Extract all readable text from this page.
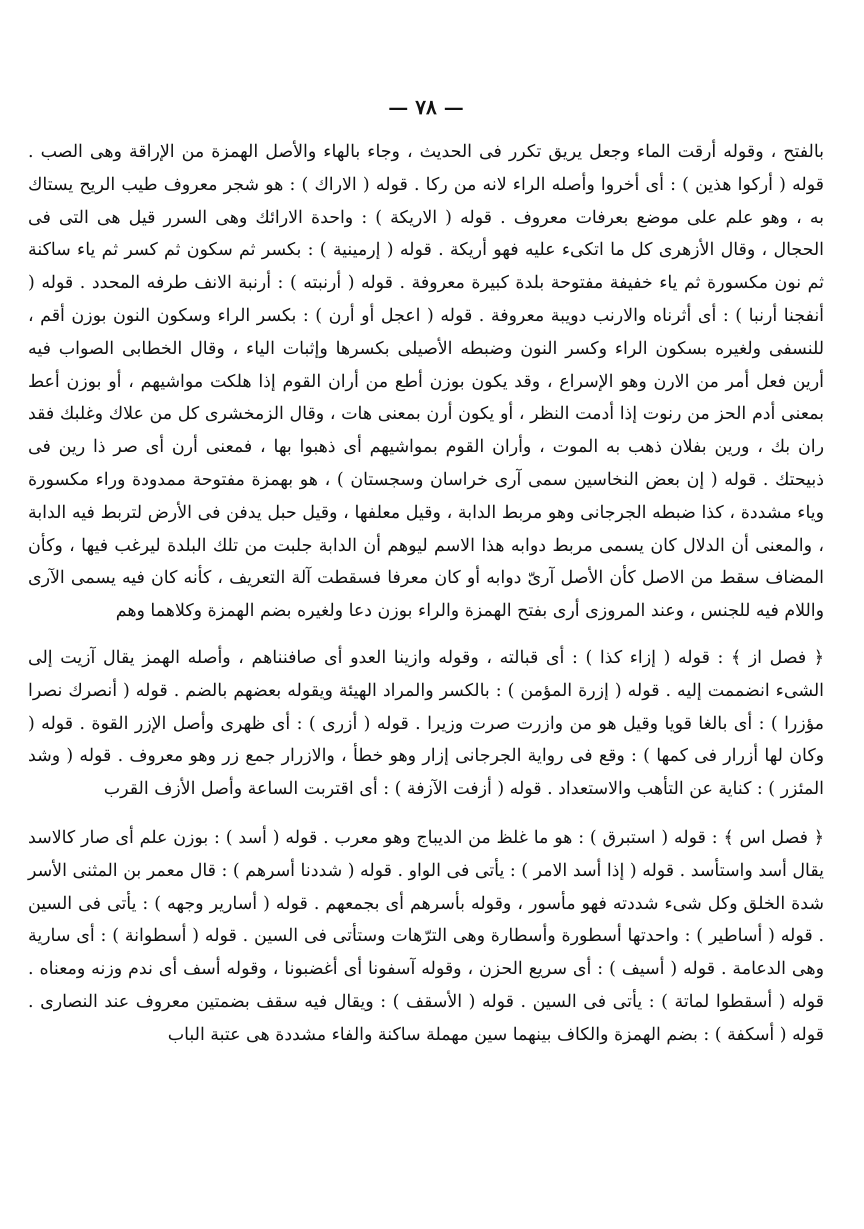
— ٧٨ —

بالفتح ، وقوله أرقت الماء وجعل يريق تكرر فى الحديث ، وجاء بالهاء والأصل الهمزة من الإراقة وهى الصب . قوله ( أركوا هذين ) : أى أخروا وأصله الراء لانه من ركا . قوله ( الاراك ) : هو شجر معروف طيب الريح يستاك به ، وهو علم على موضع بعرفات معروف . قوله ( الاريكة ) : واحدة الارائك وهى السرر قيل هى التى فى الحجال ، وقال الأزهرى كل ما اتكىء عليه فهو أريكة . قوله ( إرمينية ) : بكسر ثم سكون ثم كسر ثم ياء ساكنة ثم نون مكسورة ثم ياء خفيفة مفتوحة بلدة كبيرة معروفة . قوله ( أرنبته ) : أرنبة الانف طرفه المحدد . قوله ( أنفجنا أرنبا ) : أى أثرناه والارنب دويبة معروفة . قوله ( اعجل أو أرن ) : بكسر الراء وسكون النون بوزن أقم ، للنسفى ولغيره بسكون الراء وكسر النون وضبطه الأصيلى بكسرها وإثبات الياء ، وقال الخطابى الصواب فيه أرين فعل أمر من الارن وهو الإسراع ، وقد يكون بوزن أطع من أران القوم إذا هلكت مواشيهم ، أو بوزن أعط بمعنى أدم الحز من رنوت إذا أدمت النظر ، أو يكون أرن بمعنى هات ، وقال الزمخشرى كل من علاك وغلبك فقد ران بك ، ورين بفلان ذهب به الموت ، وأران القوم بمواشيهم أى ذهبوا بها ، فمعنى أرن أى صر ذا رين فى ذبيحتك . قوله ( إن بعض النخاسين سمى آرى خراسان وسجستان ) ، هو بهمزة مفتوحة ممدودة وراء مكسورة وياء مشددة ، كذا ضبطه الجرجانى وهو مربط الدابة ، وقيل معلفها ، وقيل حبل يدفن فى الأرض لتربط فيه الدابة ، والمعنى أن الدلال كان يسمى مربط دوابه هذا الاسم ليوهم أن الدابة جلبت من تلك البلدة ليرغب فيها ، وكأن المضاف سقط من الاصل كأن الأصل آرىّ دوابه أو كان معرفا فسقطت آلة التعريف ، كأنه كان فيه يسمى الآرى واللام فيه للجنس ، وعند المروزى أرى بفتح الهمزة والراء بوزن دعا ولغيره بضم الهمزة وكلاهما وهم

﴿ فصل از ﴾ : قوله ( إزاء كذا ) : أى قبالته ، وقوله وازينا العدو أى صافنناهم ، وأصله الهمز يقال آزيت إلى الشىء انضممت إليه . قوله ( إزرة المؤمن ) : بالكسر والمراد الهيئة ويقوله بعضهم بالضم . قوله ( أنصرك نصرا مؤزرا ) : أى بالغا قويا وقيل هو من وازرت صرت وزيرا . قوله ( أزرى ) : أى ظهرى وأصل الإزر القوة . قوله ( وكان لها أزرار فى كمها ) : وقع فى رواية الجرجانى إزار وهو خطأ ، والازرار جمع زر وهو معروف . قوله ( وشد المئزر ) : كناية عن التأهب والاستعداد . قوله ( أزفت الآزفة ) : أى اقتربت الساعة وأصل الأزف القرب

﴿ فصل اس ﴾ : قوله ( استبرق ) : هو ما غلظ من الديباج وهو معرب . قوله ( أسد ) : بوزن علم أى صار كالاسد يقال أسد واستأسد . قوله ( إذا أسد الامر ) : يأتى فى الواو . قوله ( شددنا أسرهم ) : قال معمر بن المثنى الأسر شدة الخلق وكل شىء شددته فهو مأسور ، وقوله بأسرهم أى بجمعهم . قوله ( أسارير وجهه ) : يأتى فى السين . قوله ( أساطير ) : واحدتها أسطورة وأسطارة وهى الترّهات وستأتى فى السين . قوله ( أسطوانة ) : أى سارية وهى الدعامة . قوله ( أسيف ) : أى سريع الحزن ، وقوله آسفونا أى أغضبونا ، وقوله أسف أى ندم وزنه ومعناه . قوله ( أسقطوا لماتة ) : يأتى فى السين . قوله ( الأسقف ) : ويقال فيه سقف بضمتين معروف عند النصارى . قوله ( أسكفة ) : بضم الهمزة والكاف بينهما سين مهملة ساكنة والفاء مشددة هى عتبة الباب
